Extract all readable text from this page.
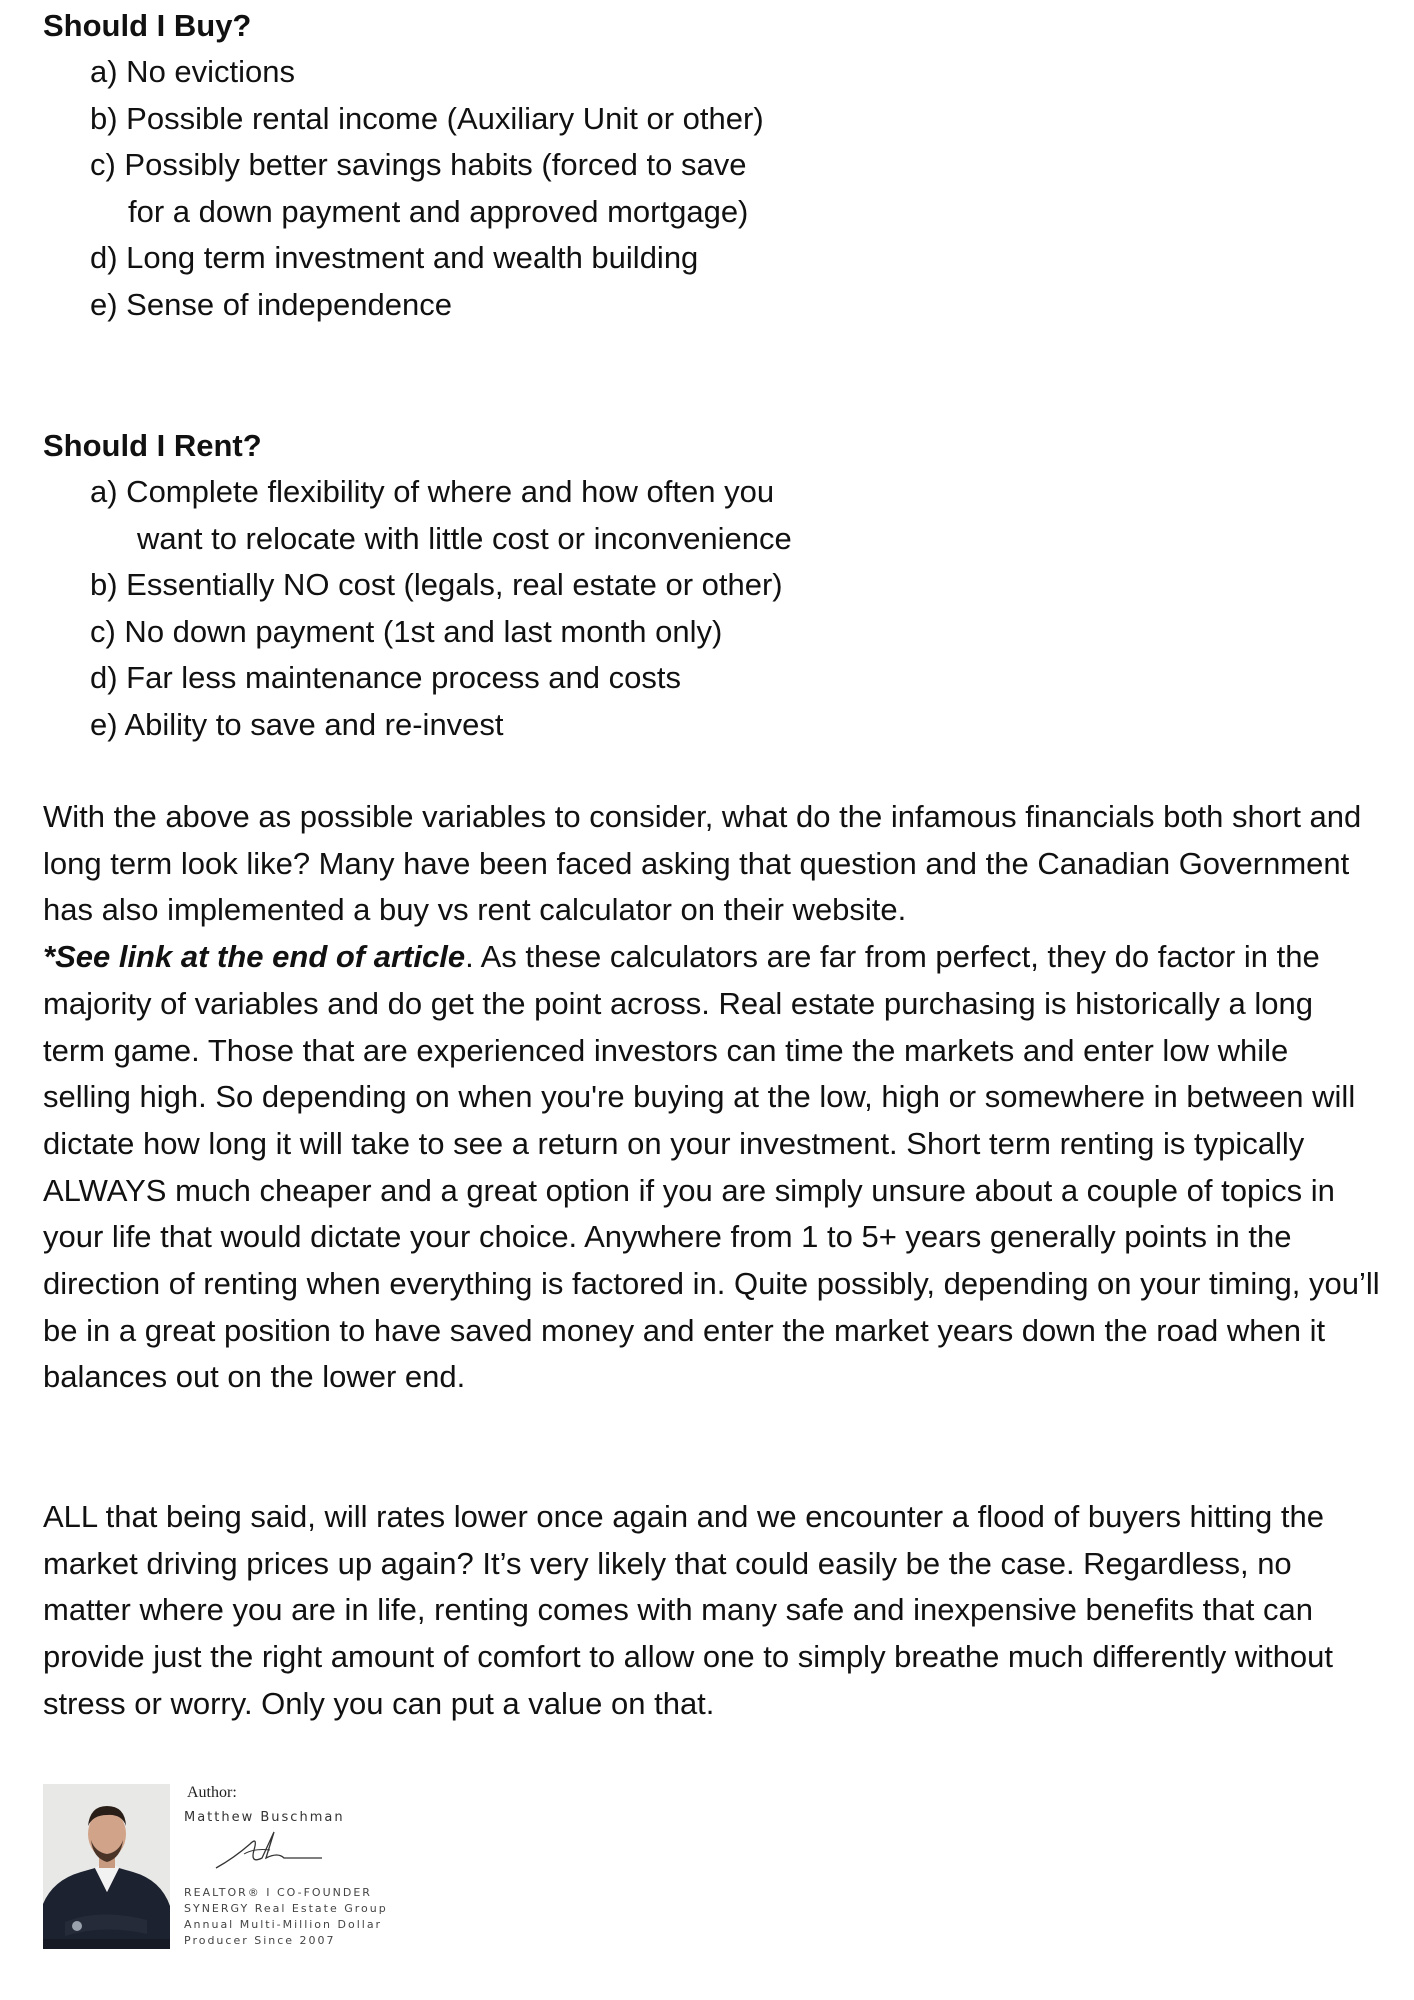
Should I Buy?
a) No evictions
b) Possible rental income (Auxiliary Unit or other)
c) Possibly better savings habits (forced to save
for a down payment and approved mortgage)
d) Long term investment and wealth building
e) Sense of independence
Should I Rent?
a) Complete flexibility of where and how often you
want to relocate with little cost or inconvenience
b) Essentially NO cost (legals, real estate or other)
c) No down payment (1st and last month only)
d) Far less maintenance process and costs
e) Ability to save and re-invest

With the above as possible variables to consider, what do the infamous financials both short and long term look like? Many have been faced asking that question and the Canadian Government has also implemented a buy vs rent calculator on their website.
*See link at the end of article. As these calculators are far from perfect, they do factor in the majority of variables and do get the point across. Real estate purchasing is historically a long term game. Those that are experienced investors can time the markets and enter low while selling high. So depending on when you're buying at the low, high or somewhere in between will dictate how long it will take to see a return on your investment. Short term renting is typically ALWAYS much cheaper and a great option if you are simply unsure about a couple of topics in your life that would dictate your choice. Anywhere from 1 to 5+ years generally points in the direction of renting when everything is factored in. Quite possibly, depending on your timing, you’ll be in a great position to have saved money and enter the market years down the road when it balances out on the lower end.

ALL that being said, will rates lower once again and we encounter a flood of buyers hitting the market driving prices up again? It’s very likely that could easily be the case. Regardless, no matter where you are in life, renting comes with many safe and inexpensive benefits that can provide just the right amount of comfort to allow one to simply breathe much differently without stress or worry. Only you can put a value on that.

Author:
Matthew Buschman
REALTOR® I CO-FOUNDER
SYNERGY Real Estate Group
Annual Multi-Million Dollar
Producer Since 2007
